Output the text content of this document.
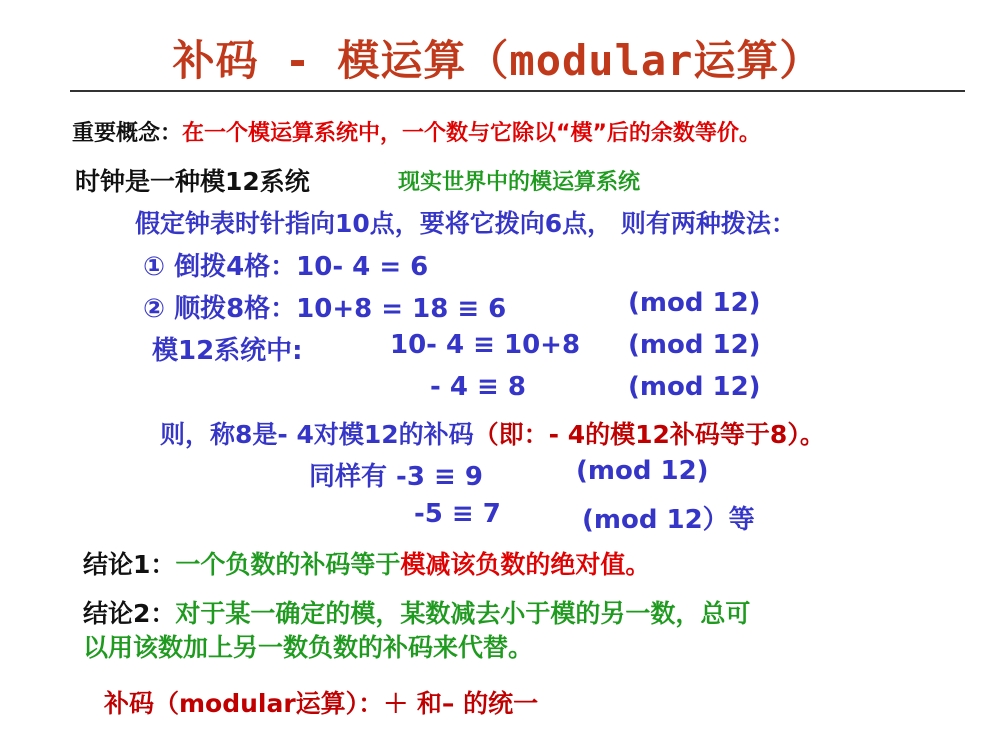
补码 - 模运算（modular运算）
重要概念：在一个模运算系统中，一个数与它除以“模”后的余数等价。
时钟是一种模12系统	现实世界中的模运算系统
假定钟表时针指向10点，要将它拨向6点， 则有两种拨法：
① 倒拨4格：10- 4 = 6
② 顺拨8格：10+8 = 18 ≡ 6	(mod 12)
模12系统中:	10- 4 ≡ 10+8 (mod 12)
- 4 ≡ 8	(mod 12)
则，称8是- 4对模12的补码（即：- 4的模12补码等于8）。
同样有 -3 ≡ 9	(mod 12)
-5 ≡ 7	(mod 12）等
结论1：一个负数的补码等于模减该负数的绝对值。
结论2：对于某一确定的模，某数减去小于模的另一数，总可
以用该数加上另一数负数的补码来代替。
补码（modular运算）：＋ 和– 的统一
